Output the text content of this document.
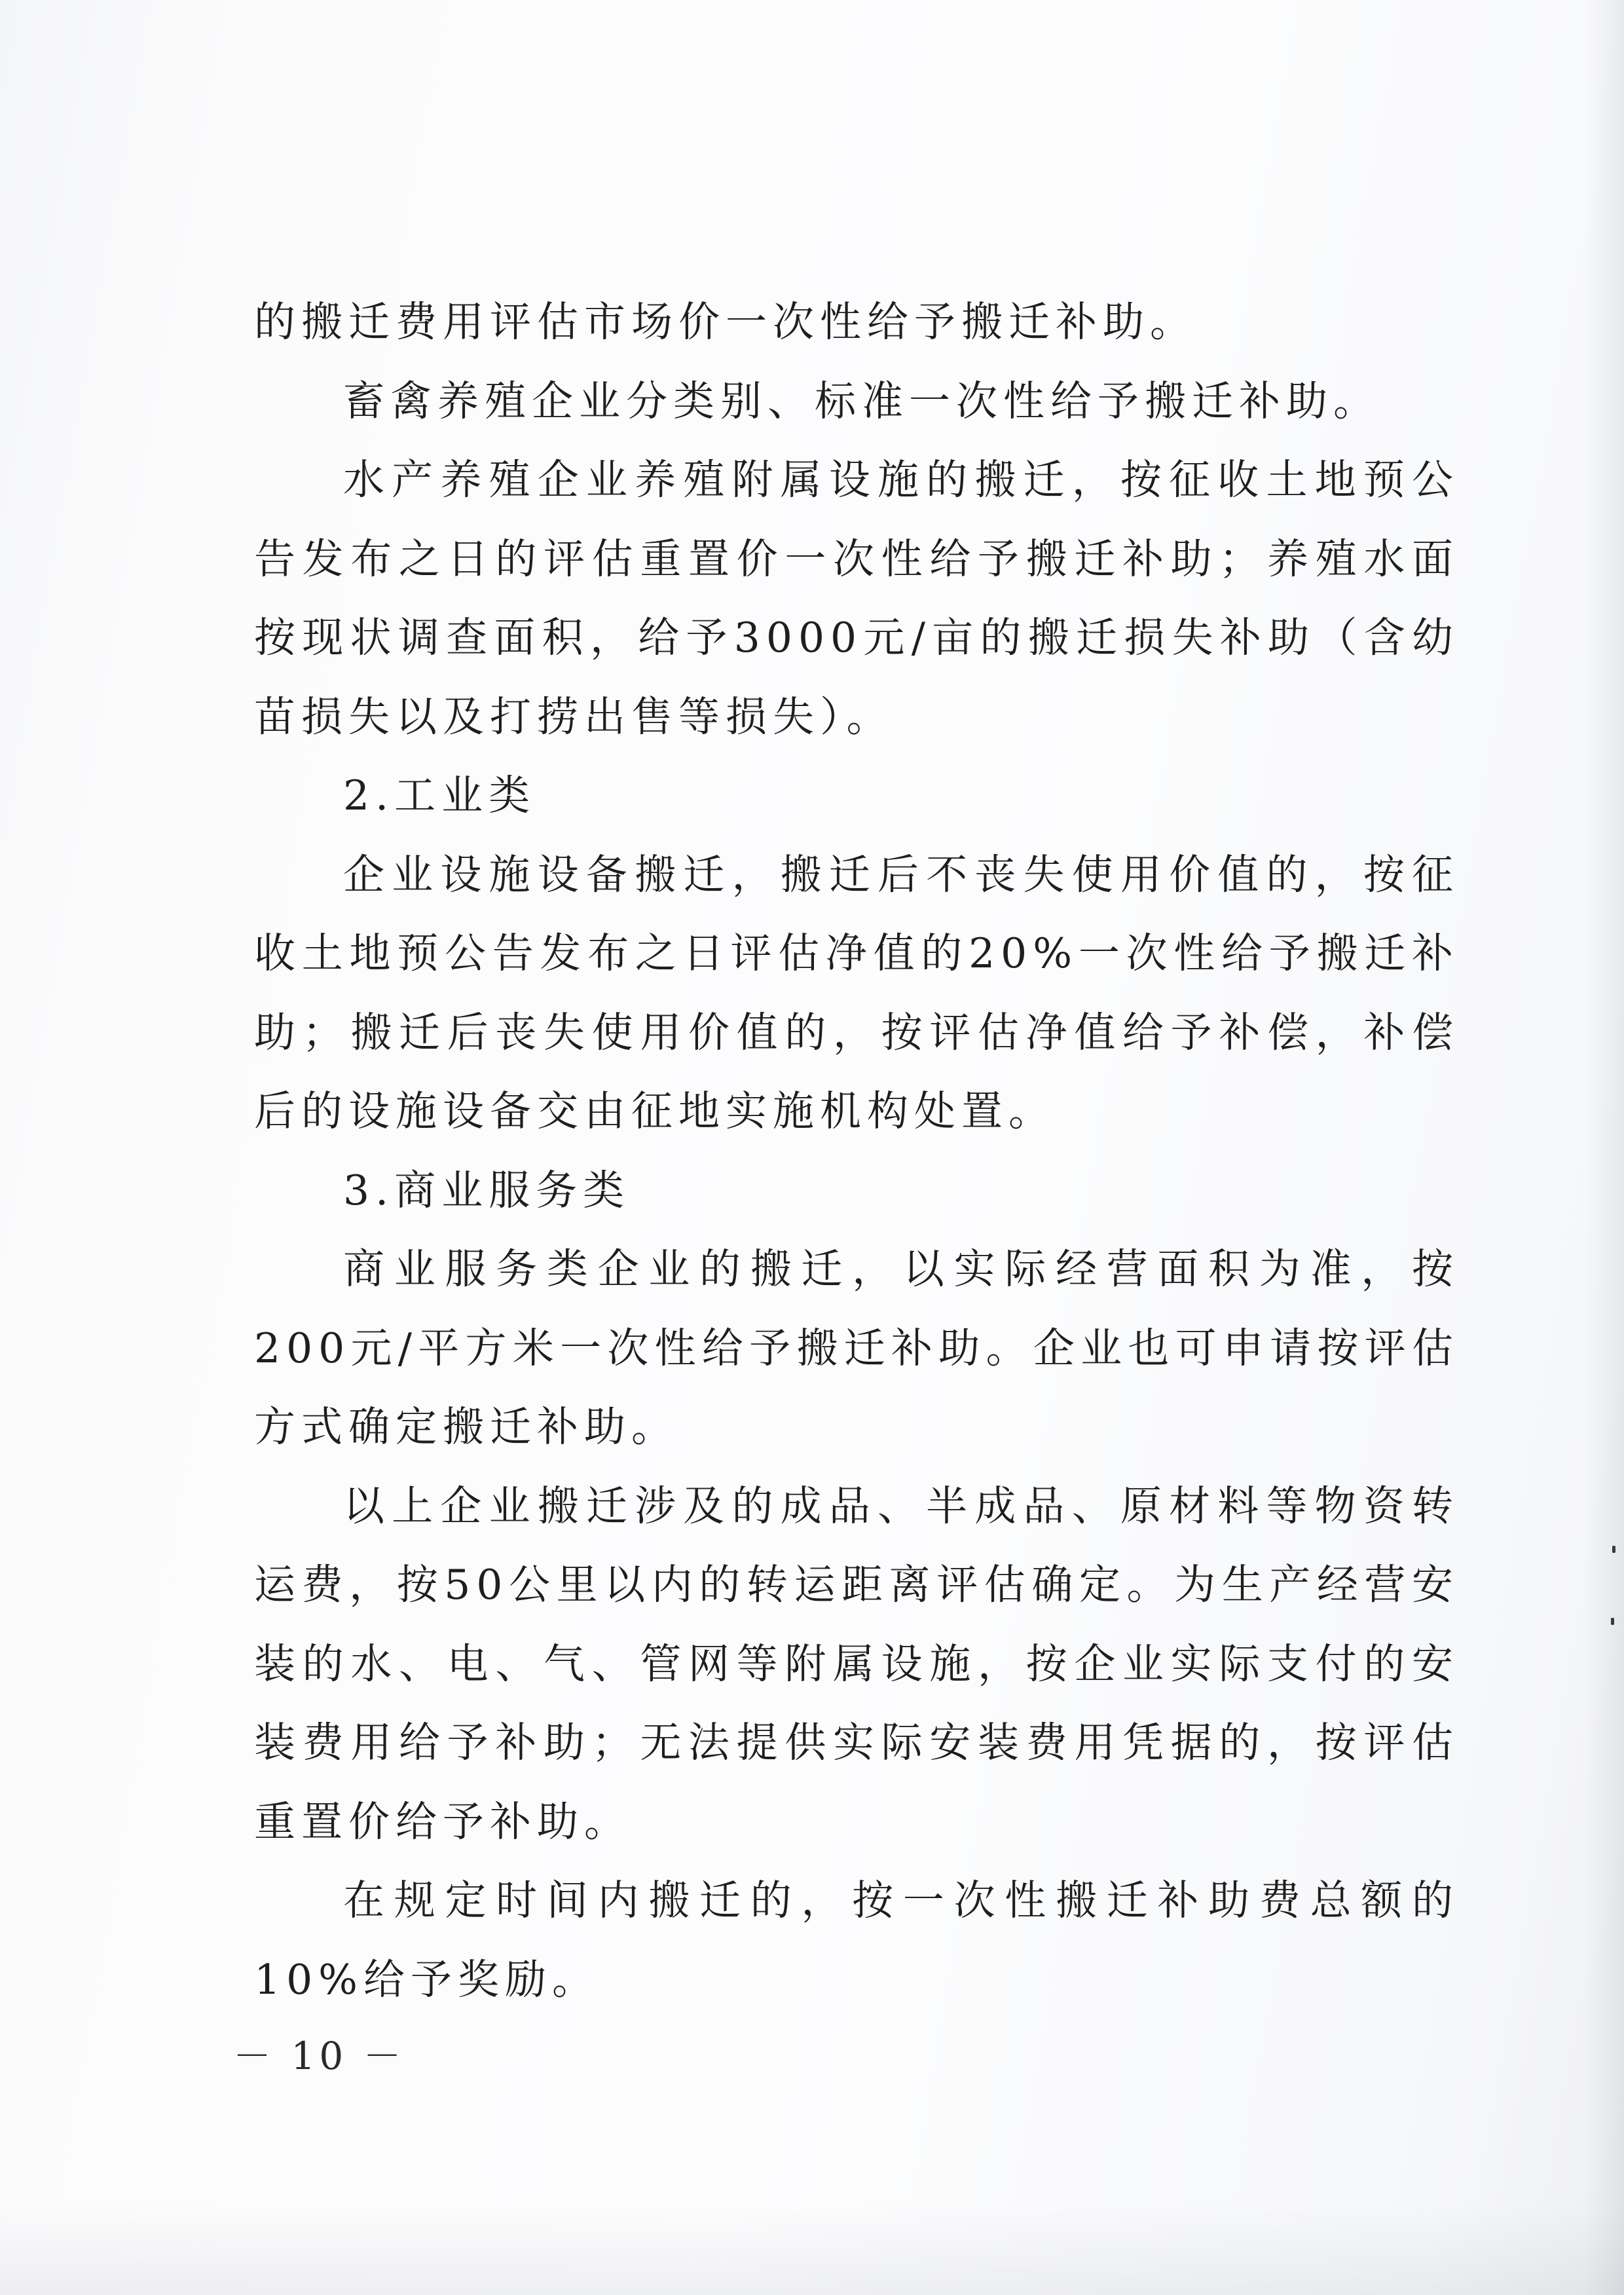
的搬迁费用评估市场价一次性给予搬迁补助。

畜禽养殖企业分类别、标准一次性给予搬迁补助。

水产养殖企业养殖附属设施的搬迁，按征收土地预公告发布之日的评估重置价一次性给予搬迁补助；养殖水面按现状调查面积，给予3000元/亩的搬迁损失补助（含幼苗损失以及打捞出售等损失）。

2.工业类

企业设施设备搬迁，搬迁后不丧失使用价值的，按征收土地预公告发布之日评估净值的20%一次性给予搬迁补助；搬迁后丧失使用价值的，按评估净值给予补偿，补偿后的设施设备交由征地实施机构处置。

3.商业服务类

商业服务类企业的搬迁，以实际经营面积为准，按200元/平方米一次性给予搬迁补助。企业也可申请按评估方式确定搬迁补助。

以上企业搬迁涉及的成品、半成品、原材料等物资转运费，按50公里以内的转运距离评估确定。为生产经营安装的水、电、气、管网等附属设施，按企业实际支付的安装费用给予补助；无法提供实际安装费用凭据的，按评估重置价给予补助。

在规定时间内搬迁的，按一次性搬迁补助费总额的10%给予奖励。

－ 10 －
